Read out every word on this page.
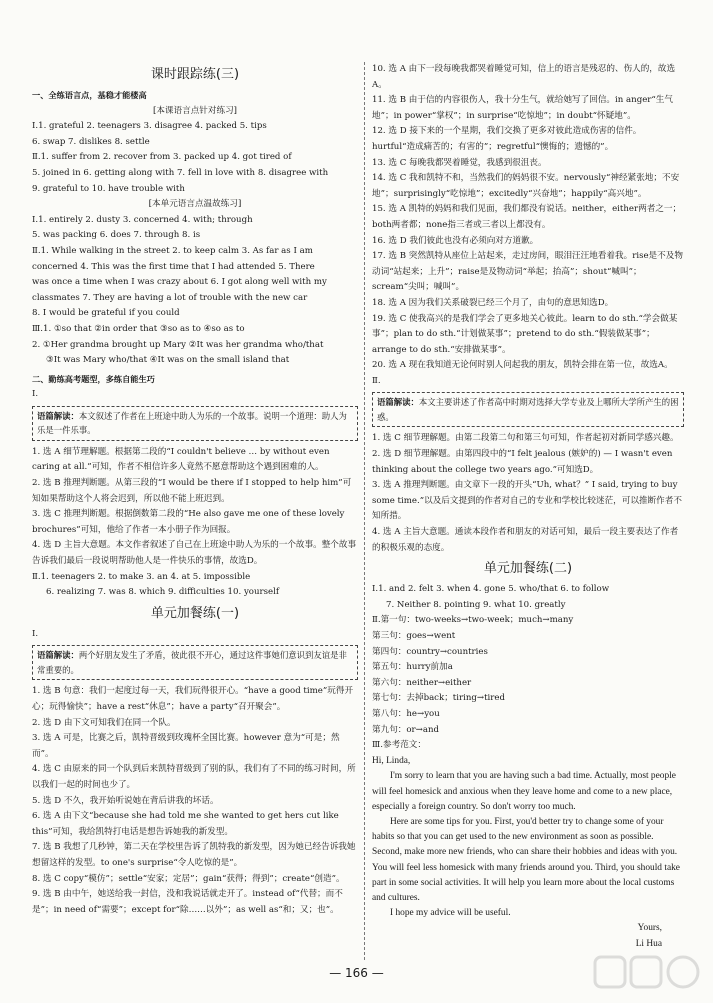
课时跟踪练(三)

一、全练语言点，基稳才能楼高

[本课语言点针对练习]

Ⅰ.1. grateful 2. teenagers 3. disagree 4. packed 5. tips

6. swap 7. dislikes 8. settle

Ⅱ.1. suffer from 2. recover from 3. packed up 4. got tired of

5. joined in 6. getting along with 7. fell in love with 8. disagree with

9. grateful to 10. have trouble with

[本单元语言点温故练习]

Ⅰ.1. entirely 2. dusty 3. concerned 4. with; through

5. was packing 6. does 7. through 8. is

Ⅱ.1. While walking in the street 2. to keep calm 3. As far as I am

concerned 4. This was the first time that I had attended 5. There

was once a time when I was crazy about 6. I got along well with my

classmates 7. They are having a lot of trouble with the new car

8. I would be grateful if you could

Ⅲ.1. ①so that ②in order that ③so as to ④so as to

2. ①Her grandma brought up Mary ②It was her grandma who/that

③It was Mary who/that ④It was on the small island that

二、勤练高考题型，多练自能生巧

Ⅰ.

语篇解读：本文叙述了作者在上班途中助人为乐的一个故事。说明一个道理：助人为乐是一件乐事。

1. 选 A 细节理解题。根据第二段的“I couldn't believe … by without even caring at all.”可知，作者不相信许多人竟然不愿意帮助这个遇到困难的人。

2. 选 B 推理判断题。从第三段的“I would be there if I stopped to help him”可知如果帮助这个人将会迟到，所以他不能上班迟到。

3. 选 C 推理判断题。根据倒数第二段的“He also gave me one of these lovely brochures”可知，他给了作者一本小册子作为回报。

4. 选 D 主旨大意题。本文作者叙述了自己在上班途中助人为乐的一个故事。整个故事告诉我们最后一段说明帮助他人是一件快乐的事情，故选D。

Ⅱ.1. teenagers 2. to make 3. an 4. at 5. impossible

6. realizing 7. was 8. which 9. difficulties 10. yourself

单元加餐练(一)

Ⅰ.

语篇解读：两个好朋友发生了矛盾，彼此很不开心，通过这件事她们意识到友谊是非常重要的。

1. 选 B 句意：我们一起度过每一天，我们玩得很开心。“have a good time”玩得开心；玩得愉快”；have a rest“休息”；have a party“召开聚会”。

2. 选 D 由下文可知我们在同一个队。

3. 选 A 可是，比赛之后，凯特晋级到玫瑰杯全国比赛。however 意为“可是；然而”。

4. 选 C 由原来的同一个队到后来凯特晋级到了别的队，我们有了不同的练习时间，所以我们一起的时间也少了。

5. 选 D 不久，我开始听说她在背后讲我的坏话。

6. 选 A 由下文“because she had told me she wanted to get hers cut like this”可知，我给凯特打电话是想告诉她我的新发型。

7. 选 B 我想了几秒钟，第二天在学校里告诉了凯特我的新发型，因为她已经告诉我她想留这样的发型。to one's surprise“令人吃惊的是”。

8. 选 C copy“模仿”；settle“安家；定居”；gain“获得；得到”；create“创造”。

9. 选 B 由中午，她送给我一封信，没和我说话就走开了。instead of“代替；而不是”；in need of“需要”；except for“除……以外”；as well as“和；又；也”。

10. 选 A 由下一段每晚我都哭着睡觉可知，信上的语言是残忍的、伤人的，故选A。

11. 选 B 由于信的内容很伤人，我十分生气，就给她写了回信。in anger“生气地”；in power“掌权”；in surprise“吃惊地”；in doubt“怀疑地”。

12. 选 D 接下来的一个星期，我们交换了更多对彼此造成伤害的信件。hurtful“造成痛苦的；有害的”；regretful“懊悔的；遗憾的”。

13. 选 C 每晚我都哭着睡觉，我感到很沮丧。

14. 选 C 我和凯特不和，当然我们的妈妈很不安。nervously“神经紧张地；不安地”；surprisingly“吃惊地”；excitedly“兴奋地”；happily“高兴地”。

15. 选 A 凯特的妈妈和我们见面，我们都没有说话。neither，either两者之一；both两者都；none指三者或三者以上都没有。

16. 选 D 我们彼此也没有必须向对方道歉。

17. 选 B 突然凯特从座位上站起来，走过房间，眼泪汪汪地看着我。rise是不及物动词“站起来；上升”；raise是及物动词“举起；抬高”；shout“喊叫”；scream“尖叫；喊叫”。

18. 选 A 因为我们关系破裂已经三个月了，由句的意思知选D。

19. 选 C 使我高兴的是我们学会了更多地关心彼此。learn to do sth.“学会做某事”；plan to do sth.“计划做某事”；pretend to do sth.“假装做某事”；arrange to do sth.“安排做某事”。

20. 选 A 现在我知道无论何时别人问起我的朋友，凯特会排在第一位，故选A。

Ⅱ.

语篇解读：本文主要讲述了作者高中时期对选择大学专业及上哪所大学所产生的困惑。

1. 选 C 细节理解题。由第二段第二句和第三句可知，作者起初对新同学感兴趣。

2. 选 D 细节理解题。由第四段中的“I felt jealous (嫉妒的) — I wasn't even thinking about the college two years ago.”可知选D。

3. 选 A 推理判断题。由文章下一段的开头“Uh, what？” I said, trying to buy some time.”以及后文提到的作者对自己的专业和学校比较迷茫，可以推断作者不知所措。

4. 选 A 主旨大意题。通读本段作者和朋友的对话可知，最后一段主要表达了作者的积极乐观的态度。

单元加餐练(二)

Ⅰ.1. and 2. felt 3. when 4. gone 5. who/that 6. to follow

7. Neither 8. pointing 9. what 10. greatly

Ⅱ.第一句：two-weeks→two-week；much→many

第三句：goes→went

第四句：country→countries

第五句：hurry前加a

第六句：neither→either

第七句：去掉back；tiring→tired

第八句：he→you

第九句：or→and

Ⅲ.参考范文：

Hi, Linda,

I'm sorry to learn that you are having such a bad time. Actually, most people will feel homesick and anxious when they leave home and come to a new place, especially a foreign country. So don't worry too much.

Here are some tips for you. First, you'd better try to change some of your habits so that you can get used to the new environment as soon as possible. Second, make more new friends, who can share their hobbies and ideas with you. You will feel less homesick with many friends around you. Third, you should take part in some social activities. It will help you learn more about the local customs and cultures.

I hope my advice will be useful.

Yours,

Li Hua

— 166 —
